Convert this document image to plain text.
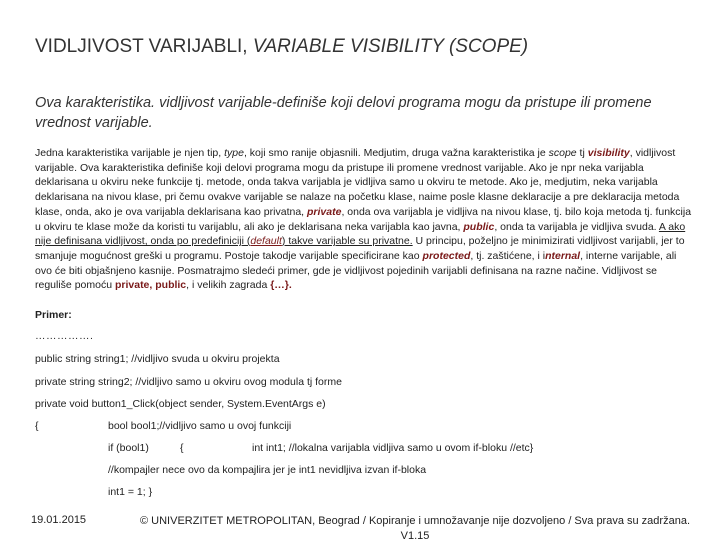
VIDLJIVOST VARIJABLI, VARIABLE VISIBILITY (SCOPE)
Ova karakteristika. vidljivost varijable-definiše koji delovi programa mogu da pristupe ili promene vrednost varijable.
Jedna karakteristika varijable je njen tip, type, koji smo ranije objasnili. Medjutim, druga važna karakteristika je scope tj visibility, vidljivost varijable. Ova karakteristika definiše koji delovi programa mogu da pristupe ili promene vrednost varijable. Ako je npr neka varijabla deklarisana u okviru neke funkcije tj. metode, onda takva varijabla je vidljiva samo u okviru te metode. Ako je, medjutim, neka varijabla deklarisana na nivou klase, pri čemu ovakve varijable se nalaze na početku klase, naime posle klasne deklaracije a pre deklaracija metoda klase, onda, ako je ova varijabla deklarisana kao privatna, private, onda ova varijabla je vidljiva na nivou klase, tj. bilo koja metoda tj. funkcija u okviru te klase može da koristi tu varijablu, ali ako je deklarisana neka varijabla kao javna, public, onda ta varijabla je vidljiva svuda. A ako nije definisana vidljivost, onda po predefiniciji (default) takve varijable su privatne. U principu, poželjno je minimizirati vidljivost varijabli, jer to smanjuje mogućnost greški u programu. Postoje takodje varijable specificirane kao protected, tj. zaštićene, i internal, interne varijable, ali ovo će biti objašnjeno kasnije. Posmatrajmo sledeći primer, gde je vidljivost pojedinih varijabli definisana na razne načine. Vidljivost se reguliše pomoću private, public, i velikih zagrada {…}.
Primer:
…………….
public string string1; //vidljivo svuda u okviru projekta
private string string2; //vidljivo samo u okviru ovog modula tj forme
private void button1_Click(object sender, System.EventArgs e)
{	bool bool1;//vidljivo samo u ovoj funkciji
if (bool1)	{	int int1; //lokalna varijabla vidljiva samo u ovom if-bloku //etc}
//kompajler nece ovo da kompajlira jer je int1 nevidljiva izvan if-bloka
int1 = 1; }
19.01.2015	© UNIVERZITET METROPOLITAN, Beograd / Kopiranje i umnožavanje nije dozvoljeno / Sva prava su zadržana. V1.15
